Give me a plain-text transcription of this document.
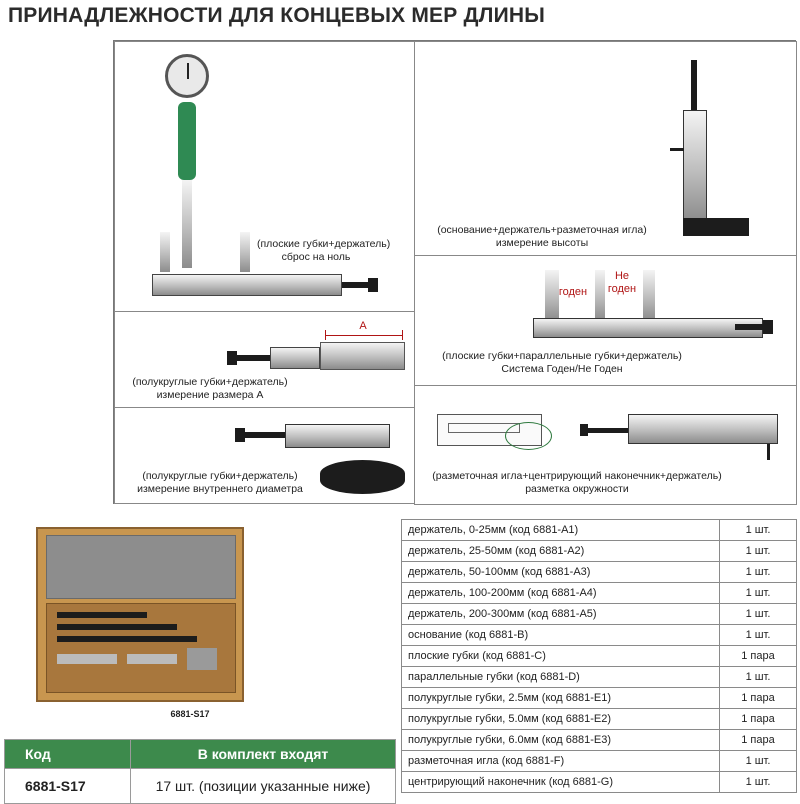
ПРИНАДЛЕЖНОСТИ ДЛЯ КОНЦЕВЫХ МЕР ДЛИНЫ
(плоские губки+держатель)
сброс на ноль
A
(полукруглые губки+держатель)
измерение размера A
(полукруглые губки+держатель)
измерение внутреннего диаметра
(основание+держатель+разметочная игла)
измерение высоты
годен
Не
годен
(плоские губки+параллельные губки+держатель)
Система Годен/Не Годен
(разметочная игла+центрирующий наконечник+держатель)
разметка окружности
6881-S17
Код	В комплект входят
6881-S17	17 шт. (позиции указанные ниже)
держатель, 0-25мм (код 6881-A1)	1 шт.
держатель, 25-50мм (код 6881-A2)	1 шт.
держатель, 50-100мм (код 6881-A3)	1 шт.
держатель, 100-200мм (код 6881-A4)	1 шт.
держатель, 200-300мм (код 6881-A5)	1 шт.
основание (код 6881-B)	1 шт.
плоские губки (код 6881-C)	1 пара
параллельные губки (код 6881-D)	1 шт.
полукруглые губки, 2.5мм (код 6881-E1)	1 пара
полукруглые губки, 5.0мм (код 6881-E2)	1 пара
полукруглые губки, 6.0мм (код 6881-E3)	1 пара
разметочная игла (код 6881-F)	1 шт.
центрирующий наконечник (код 6881-G)	1 шт.
